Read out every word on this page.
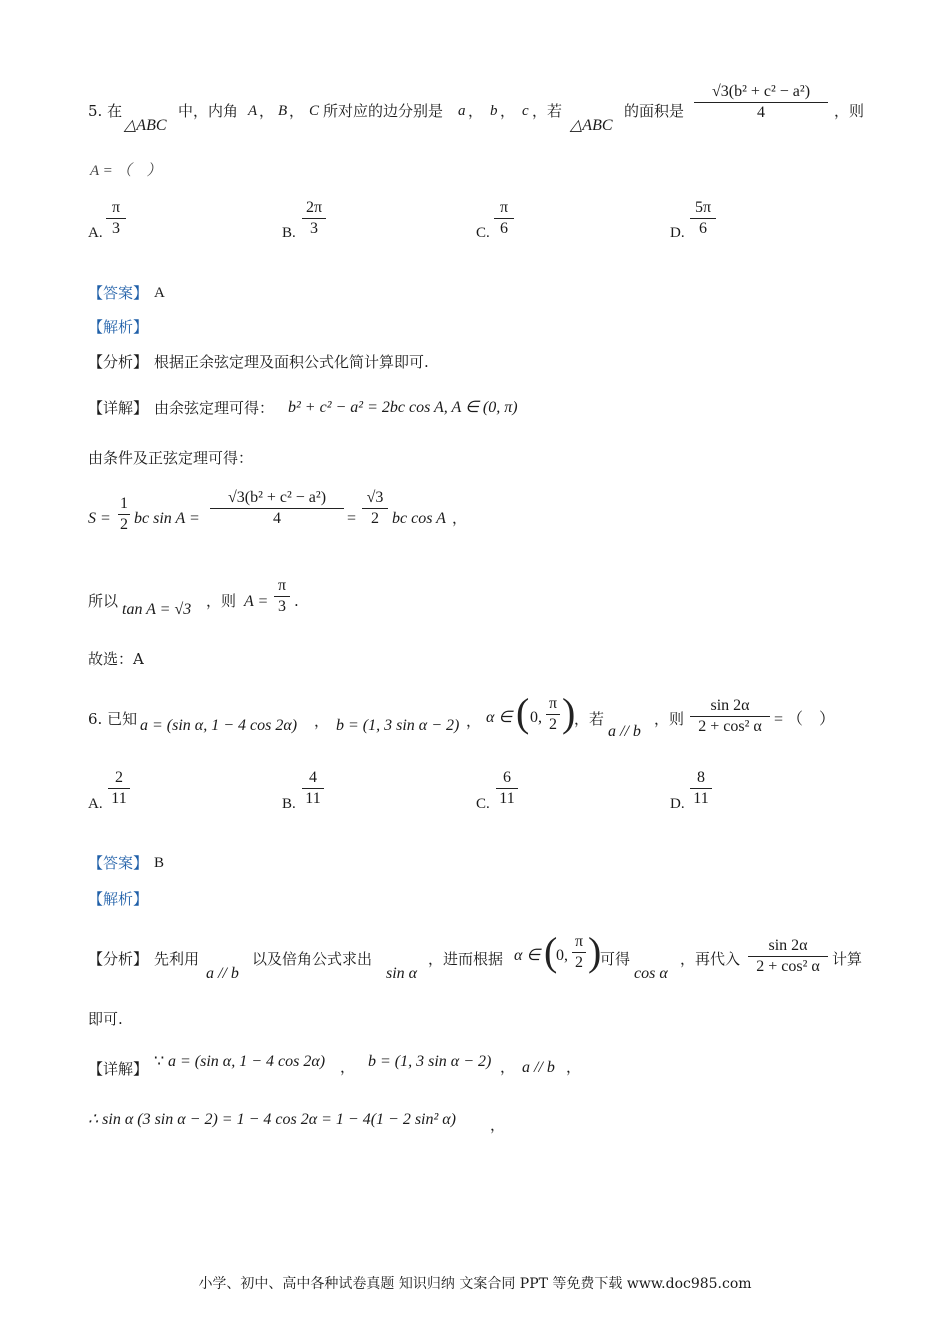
5. 在
△ABC
中，内角 A ， B ， C 所对应的边分别是 a ， b ， c ，若
△ABC
的面积是
√3(b² + c² − a²)
4	，则
A = （　）
A.
π
3	B.
2π
3	C.
π
6	D.
5π
6
【答案】 A
【解析】
【分析】 根据正余弦定理及面积公式化简计算即可.
【详解】 由余弦定理可得： b² + c² − a² = 2bc cos A, A ∈ (0, π)
由条件及正弦定理可得：
S =
1
2 bc sin A =
√3(b² + c² − a²)
4	=
√3
2 bc cos A ，
所以 tan A = √3 ，则 A =
π
3 .
故选：A
6. 已知 a = (sin α, 1 − 4 cos 2α) ， b = (1, 3 sin α − 2) ， α ∈ ( 0,
π
2 )
，若
a // b
，则
sin 2α
2 + cos² α = （　）
A.
2
11	B.
4
11	C.
6
11	D.
8
11
【答案】 B
【解析】
【分析】 先利用
a // b
以及倍角公式求出
sin α
，进而根据 α ∈ (
0,
π
2 )
可得
cos α
，再代入
sin 2α
2 + cos² α 计算
即可.
【详解】 ∵ a = (sin α, 1 − 4 cos 2α) ， b = (1, 3 sin α − 2) ， a // b ，
∴ sin α (3 sin α − 2) = 1 − 4 cos 2α = 1 − 4(1 − 2 sin² α) ，
小学、初中、高中各种试卷真题 知识归纳 文案合同 PPT 等免费下载 www.doc985.com
